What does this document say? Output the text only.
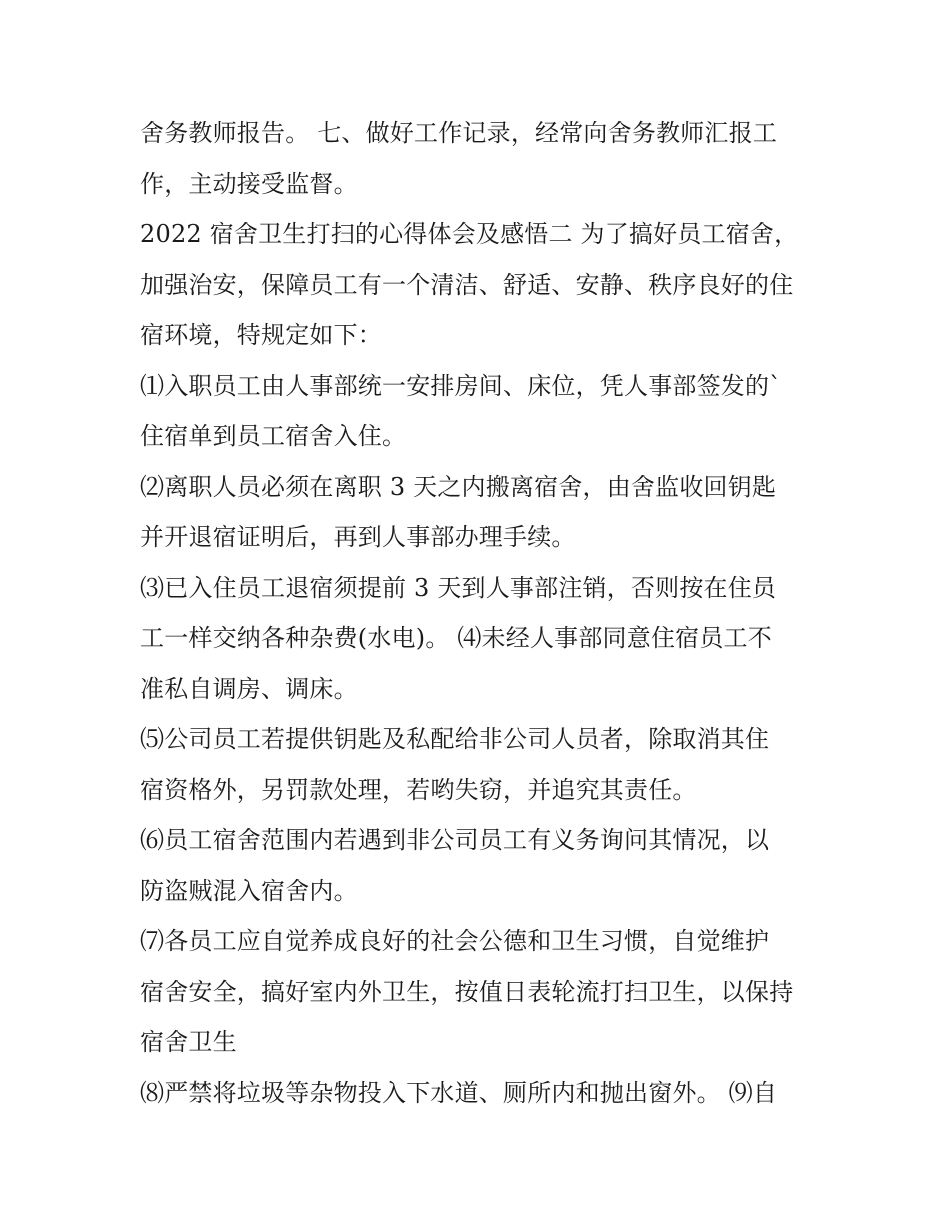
舍务教师报告。 七、做好工作记录，经常向舍务教师汇报工
作，主动接受监督。
2022 宿舍卫生打扫的心得体会及感悟二 为了搞好员工宿舍，
加强治安，保障员工有一个清洁、舒适、安静、秩序良好的住
宿环境，特规定如下：
⑴入职员工由人事部统一安排房间、床位，凭人事部签发的`
住宿单到员工宿舍入住。
⑵离职人员必须在离职 3 天之内搬离宿舍，由舍监收回钥匙
并开退宿证明后，再到人事部办理手续。
⑶已入住员工退宿须提前 3 天到人事部注销，否则按在住员
工一样交纳各种杂费(水电)。 ⑷未经人事部同意住宿员工不
准私自调房、调床。
⑸公司员工若提供钥匙及私配给非公司人员者，除取消其住
宿资格外，另罚款处理，若哟失窃，并追究其责任。
⑹员工宿舍范围内若遇到非公司员工有义务询问其情况，以
防盗贼混入宿舍内。
⑺各员工应自觉养成良好的社会公德和卫生习惯，自觉维护
宿舍安全，搞好室内外卫生，按值日表轮流打扫卫生，以保持
宿舍卫生
⑻严禁将垃圾等杂物投入下水道、厕所内和抛出窗外。 ⑼自
